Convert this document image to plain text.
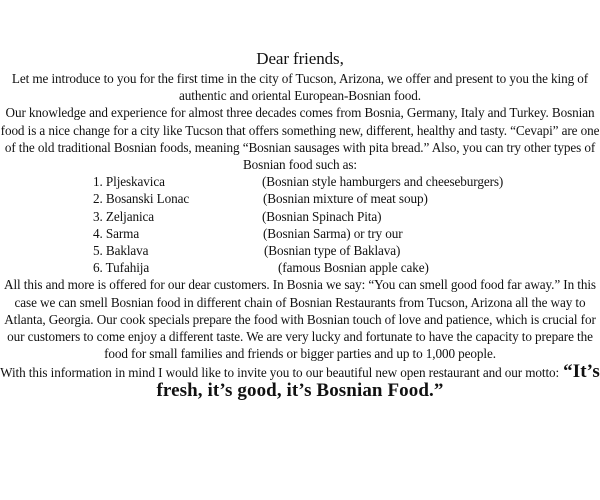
Dear friends,

Let me introduce to you for the first time in the city of Tucson, Arizona, we offer and present to you the king of authentic and oriental European-Bosnian food.

Our knowledge and experience for almost three decades comes from Bosnia, Germany, Italy and Turkey. Bosnian food is a nice change for a city like Tucson that offers something new, different, healthy and tasty. “Cevapi” are one of the old traditional Bosnian foods, meaning “Bosnian sausages with pita bread.” Also, you can try other types of Bosnian food such as:

1. Pljeskavica	(Bosnian style hamburgers and cheeseburgers)
2. Bosanski Lonac	(Bosnian mixture of meat soup)
3. Zeljanica	(Bosnian Spinach Pita)
4. Sarma	(Bosnian Sarma) or try our
5. Baklava	(Bosnian type of Baklava)
6. Tufahija	(famous Bosnian apple cake)

All this and more is offered for our dear customers. In Bosnia we say: “You can smell good food far away.” In this case we can smell Bosnian food in different chain of Bosnian Restaurants from Tucson, Arizona all the way to Atlanta, Georgia. Our cook specials prepare the food with Bosnian touch of love and patience, which is crucial for our customers to come enjoy a different taste. We are very lucky and fortunate to have the capacity to prepare the food for small families and friends or bigger parties and up to 1,000 people.

With this information in mind I would like to invite you to our beautiful new open restaurant and our motto: “It’s fresh, it’s good, it’s Bosnian Food.”
